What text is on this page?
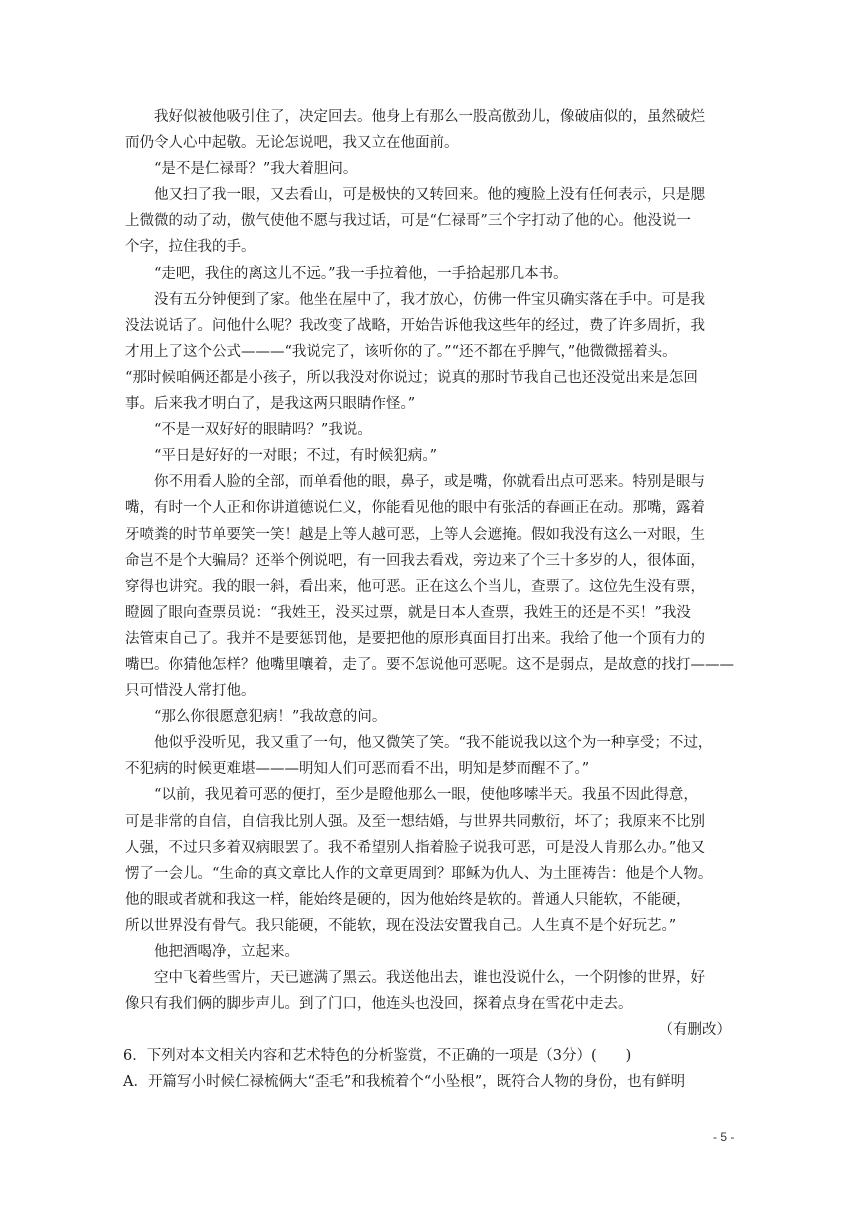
我好似被他吸引住了，决定回去。他身上有那么一股高傲劲儿，像破庙似的，虽然破烂
而仍令人心中起敬。无论怎说吧，我又立在他面前。

“是不是仁禄哥？”我大着胆问。

他又扫了我一眼，又去看山，可是极快的又转回来。他的瘦脸上没有任何表示，只是腮
上微微的动了动，傲气使他不愿与我过话，可是“仁禄哥”三个字打动了他的心。他没说一
个字，拉住我的手。

“走吧，我住的离这儿不远。”我一手拉着他，一手拾起那几本书。

没有五分钟便到了家。他坐在屋中了，我才放心，仿佛一件宝贝确实落在手中。可是我
没法说话了。问他什么呢？我改变了战略，开始告诉他我这些年的经过，费了许多周折，我
才用上了这个公式———“我说完了，该听你的了。”“还不都在乎脾气，”他微微摇着头。
“那时候咱俩还都是小孩子，所以我没对你说过；说真的那时节我自己也还没觉出来是怎回
事。后来我才明白了，是我这两只眼睛作怪。”

“不是一双好好的眼睛吗？”我说。

“平日是好好的一对眼；不过，有时候犯病。”

你不用看人脸的全部，而单看他的眼，鼻子，或是嘴，你就看出点可恶来。特别是眼与
嘴，有时一个人正和你讲道德说仁义，你能看见他的眼中有张活的春画正在动。那嘴，露着
牙喷粪的时节单要笑一笑！越是上等人越可恶，上等人会遮掩。假如我没有这么一对眼，生
命岂不是个大骗局？还举个例说吧，有一回我去看戏，旁边来了个三十多岁的人，很体面，
穿得也讲究。我的眼一斜，看出来，他可恶。正在这么个当儿，查票了。这位先生没有票，
瞪圆了眼向查票员说：“我姓王，没买过票，就是日本人查票，我姓王的还是不买！”我没
法管束自己了。我并不是要惩罚他，是要把他的原形真面目打出来。我给了他一个顶有力的
嘴巴。你猜他怎样？他嘴里嚷着，走了。要不怎说他可恶呢。这不是弱点，是故意的找打———
只可惜没人常打他。

“那么你很愿意犯病！”我故意的问。

他似乎没听见，我又重了一句，他又微笑了笑。“我不能说我以这个为一种享受；不过，
不犯病的时候更难堪———明知人们可恶而看不出，明知是梦而醒不了。”

“以前，我见着可恶的便打，至少是瞪他那么一眼，使他哆嗦半天。我虽不因此得意，
可是非常的自信，自信我比别人强。及至一想结婚，与世界共同敷衍，坏了；我原来不比别
人强，不过只多着双病眼罢了。我不希望别人指着脸子说我可恶，可是没人肯那么办。”他又
愣了一会儿。“生命的真文章比人作的文章更周到？耶稣为仇人、为土匪祷告：他是个人物。
他的眼或者就和我这一样，能始终是硬的，因为他始终是软的。普通人只能软，不能硬，
所以世界没有骨气。我只能硬，不能软，现在没法安置我自己。人生真不是个好玩艺。”

他把酒喝净，立起来。

空中飞着些雪片，天已遮满了黑云。我送他出去，谁也没说什么，一个阴惨的世界，好
像只有我们俩的脚步声儿。到了门口，他连头也没回，探着点身在雪花中走去。

（有删改）
6．下列对本文相关内容和艺术特色的分析鉴赏，不正确的一项是（3分）(　　)
A．开篇写小时候仁禄梳俩大“歪毛”和我梳着个“小坠根”，既符合人物的身份，也有鲜明
- 5 -
